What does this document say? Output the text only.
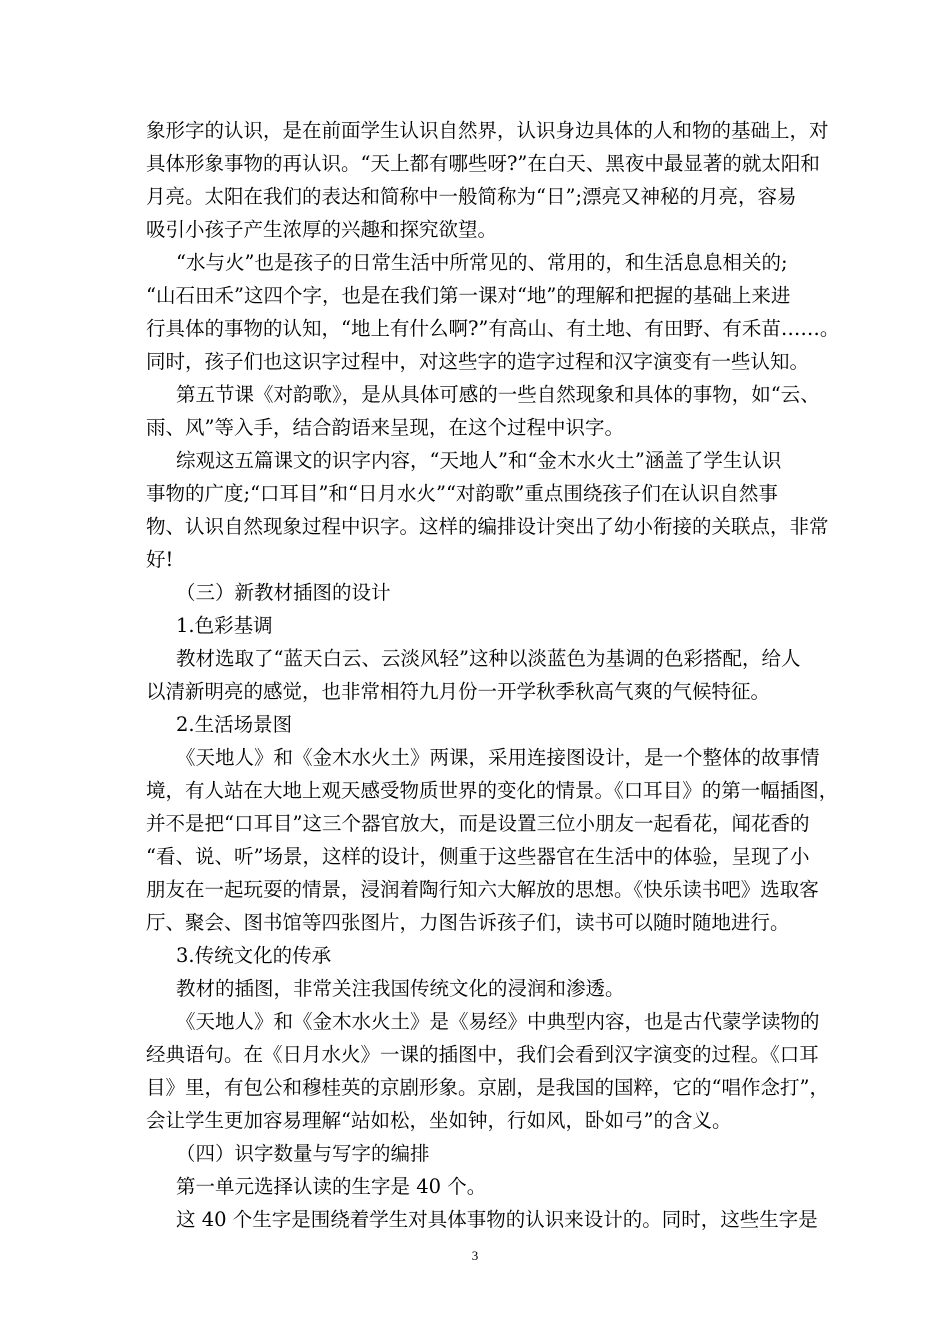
象形字的认识，是在前面学生认识自然界，认识身边具体的人和物的基础上，对

具体形象事物的再认识。“天上都有哪些呀?”在白天、黑夜中最显著的就太阳和

月亮。太阳在我们的表达和简称中一般简称为“日”;漂亮又神秘的月亮，容易

吸引小孩子产生浓厚的兴趣和探究欲望。

“水与火”也是孩子的日常生活中所常见的、常用的，和生活息息相关的;

“山石田禾”这四个字，也是在我们第一课对“地”的理解和把握的基础上来进

行具体的事物的认知，“地上有什么啊?”有高山、有土地、有田野、有禾苗……。

同时，孩子们也这识字过程中，对这些字的造字过程和汉字演变有一些认知。

第五节课《对韵歌》，是从具体可感的一些自然现象和具体的事物，如“云、

雨、风”等入手，结合韵语来呈现，在这个过程中识字。

综观这五篇课文的识字内容，“天地人”和“金木水火土”涵盖了学生认识

事物的广度;“口耳目”和“日月水火”“对韵歌”重点围绕孩子们在认识自然事

物、认识自然现象过程中识字。这样的编排设计突出了幼小衔接的关联点，非常

好!

（三）新教材插图的设计

1.色彩基调

教材选取了“蓝天白云、云淡风轻”这种以淡蓝色为基调的色彩搭配，给人

以清新明亮的感觉，也非常相符九月份一开学秋季秋高气爽的气候特征。

2.生活场景图

《天地人》和《金木水火土》两课，采用连接图设计，是一个整体的故事情

境，有人站在大地上观天感受物质世界的变化的情景。《口耳目》的第一幅插图，

并不是把“口耳目”这三个器官放大，而是设置三位小朋友一起看花，闻花香的

“看、说、听”场景，这样的设计，侧重于这些器官在生活中的体验，呈现了小

朋友在一起玩耍的情景，浸润着陶行知六大解放的思想。《快乐读书吧》选取客

厅、聚会、图书馆等四张图片，力图告诉孩子们，读书可以随时随地进行。

3.传统文化的传承

教材的插图，非常关注我国传统文化的浸润和渗透。

《天地人》和《金木水火土》是《易经》中典型内容，也是古代蒙学读物的

经典语句。在《日月水火》一课的插图中，我们会看到汉字演变的过程。《口耳

目》里，有包公和穆桂英的京剧形象。京剧，是我国的国粹，它的“唱作念打”，

会让学生更加容易理解“站如松，坐如钟，行如风，卧如弓”的含义。

（四）识字数量与写字的编排

第一单元选择认读的生字是 40 个。

这 40 个生字是围绕着学生对具体事物的认识来设计的。同时，这些生字是

3
